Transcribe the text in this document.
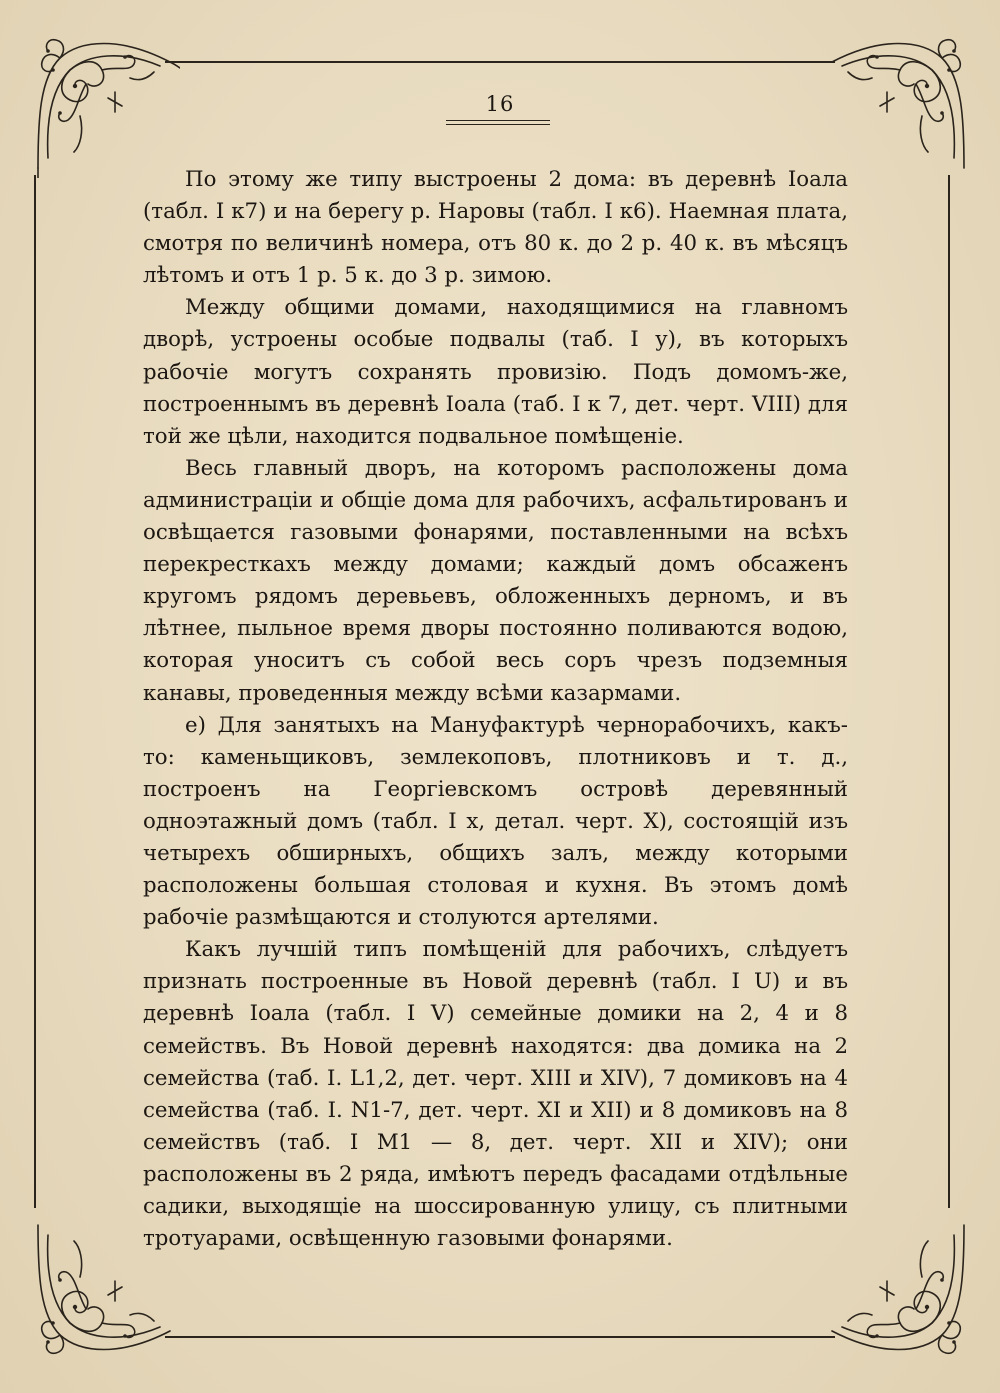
16

По этому же типу выстроены 2 дома: въ деревнѣ Іоала (табл. I к7) и на берегу р. Наровы (табл. I к6). Наемная плата, смотря по величинѣ номера, отъ 80 к. до 2 р. 40 к. въ мѣсяцъ лѣтомъ и отъ 1 р. 5 к. до 3 р. зимою.

Между общими домами, находящимися на главномъ дворѣ, устроены особые подвалы (таб. I у), въ которыхъ рабочіе могутъ сохранять провизію. Подъ домомъ-же, построеннымъ въ деревнѣ Іоала (таб. I к 7, дет. черт. VIII) для той же цѣли, находится подвальное помѣщеніе.

Весь главный дворъ, на которомъ расположены дома администраціи и общіе дома для рабочихъ, асфальтированъ и освѣщается газовыми фонарями, поставленными на всѣхъ перекресткахъ между домами; каждый домъ обсаженъ кругомъ рядомъ деревьевъ, обложенныхъ дерномъ, и въ лѣтнее, пыльное время дворы постоянно поливаются водою, которая уноситъ съ собой весь соръ чрезъ подземныя канавы, проведенныя между всѣми казармами.

e) Для занятыхъ на Мануфактурѣ чернорабочихъ, какъ-то: каменьщиковъ, землекоповъ, плотниковъ и т. д., построенъ на Георгіевскомъ островѣ деревянный одноэтажный домъ (табл. I х, детал. черт. X), состоящій изъ четырехъ обширныхъ, общихъ залъ, между которыми расположены большая столовая и кухня. Въ этомъ домѣ рабочіе размѣщаются и столуются артелями.

Какъ лучшій типъ помѣщеній для рабочихъ, слѣдуетъ признать построенные въ Новой деревнѣ (табл. I U) и въ деревнѣ Іоала (табл. I V) семейные домики на 2, 4 и 8 семействъ. Въ Новой деревнѣ находятся: два домика на 2 семейства (таб. I. L1,2, дет. черт. XIII и XIV), 7 домиковъ на 4 семейства (таб. I. N1-7, дет. черт. XI и XII) и 8 домиковъ на 8 семействъ (таб. I M1 — 8, дет. черт. XII и XIV); они расположены въ 2 ряда, имѣютъ передъ фасадами отдѣльные садики, выходящіе на шоссированную улицу, съ плитными тротуарами, освѣщенную газовыми фонарями.
